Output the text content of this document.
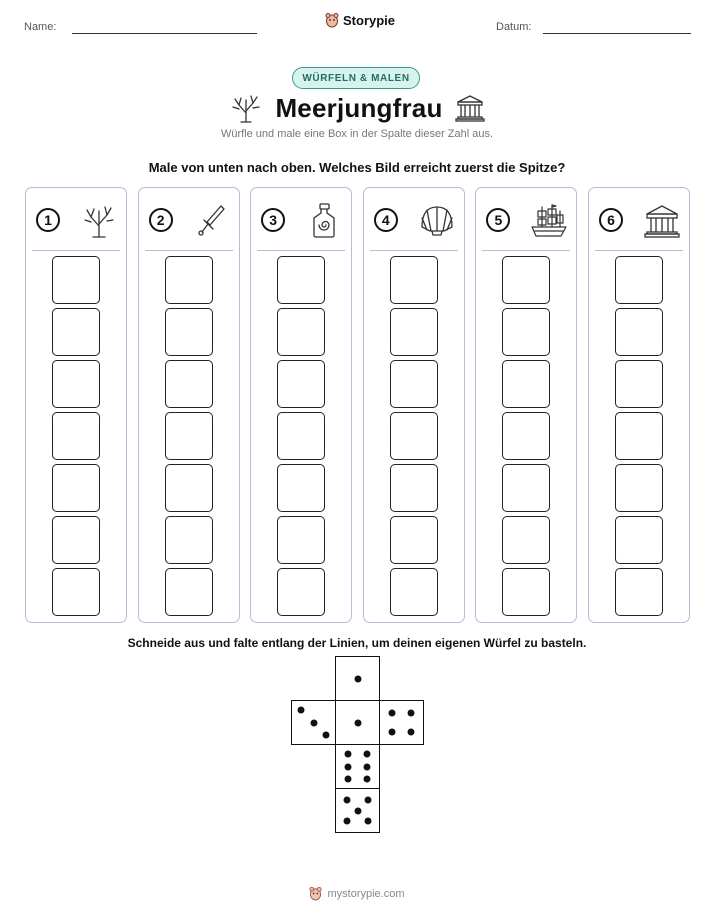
Name:	Storypie	Datum:
WÜRFELN & MALEN
Meerjungfrau
Würfle und male eine Box in der Spalte dieser Zahl aus.
Male von unten nach oben. Welches Bild erreicht zuerst die Spitze?
1	2	3	4	5	6
Schneide aus und falte entlang der Linien, um deinen eigenen Würfel zu basteln.
mystorypie.com
